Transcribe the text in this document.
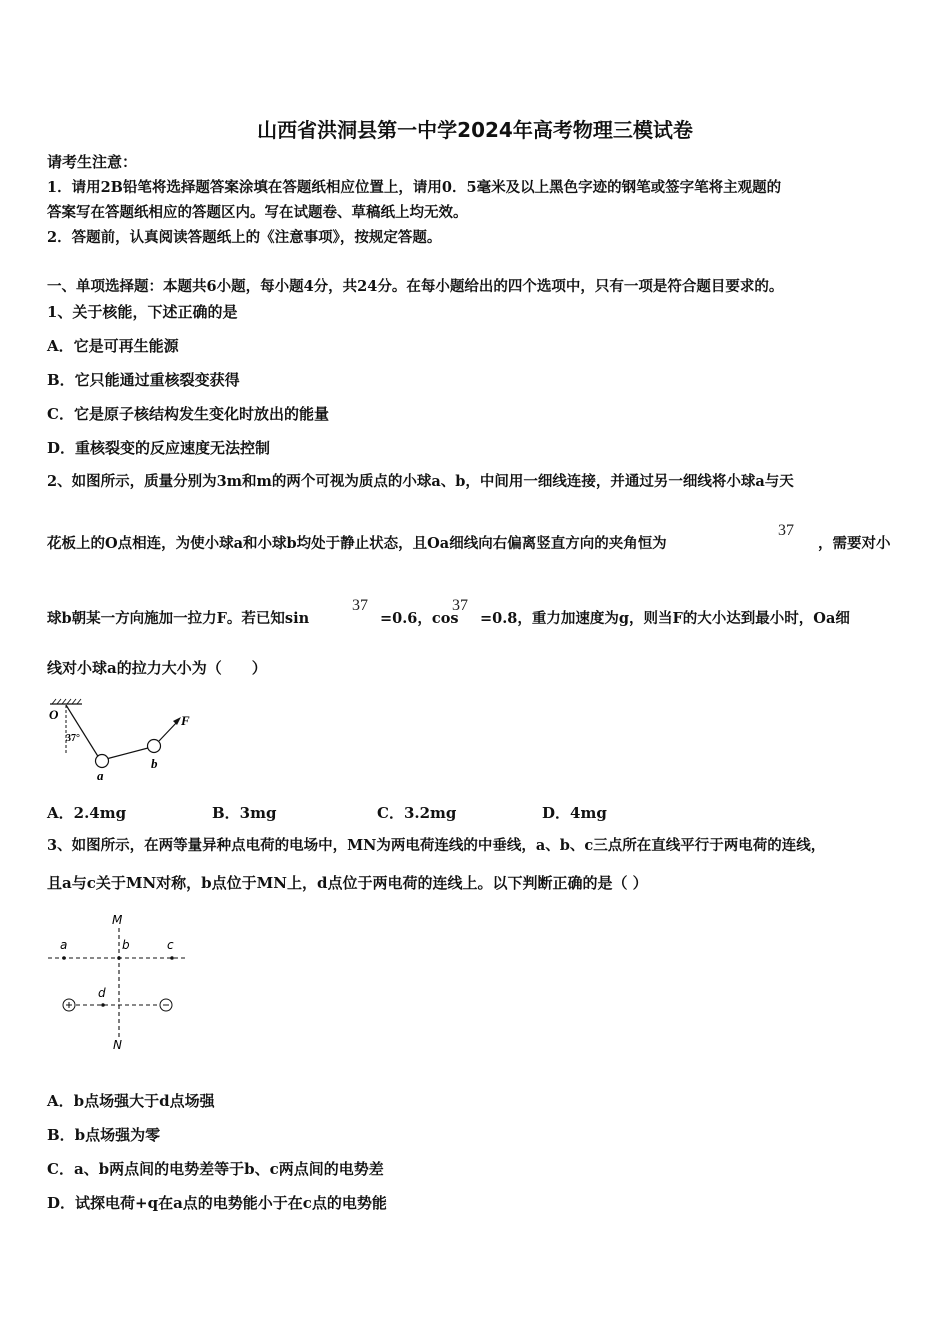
山西省洪洞县第一中学2024年高考物理三模试卷
请考生注意：
1．请用2B铅笔将选择题答案涂填在答题纸相应位置上，请用0．5毫米及以上黑色字迹的钢笔或签字笔将主观题的
答案写在答题纸相应的答题区内。写在试题卷、草稿纸上均无效。
2．答题前，认真阅读答题纸上的《注意事项》，按规定答题。
一、单项选择题：本题共6小题，每小题4分，共24分。在每小题给出的四个选项中，只有一项是符合题目要求的。
1、关于核能，下述正确的是
A．它是可再生能源
B．它只能通过重核裂变获得
C．它是原子核结构发生变化时放出的能量
D．重核裂变的反应速度无法控制
2、如图所示，质量分别为3m和m的两个可视为质点的小球a、b，中间用一细线连接，并通过另一细线将小球a与天
花板上的O点相连，为使小球a和小球b均处于静止状态，且Oa细线向右偏离竖直方向的夹角恒为
37
，需要对小
球b朝某一方向施加一拉力F。若已知sin
37
=0.6，cos
37
=0.8，重力加速度为g，则当F的大小达到最小时，Oa细
线对小球a的拉力大小为（　　）
O
37°
a
b
F
A．2.4mg	B．3mg	C．3.2mg	D．4mg
3、如图所示，在两等量异种点电荷的电场中，MN为两电荷连线的中垂线，a、b、c三点所在直线平行于两电荷的连线，
且a与c关于MN对称，b点位于MN上，d点位于两电荷的连线上。以下判断正确的是（ ）
M
N
a	b	c
d
A．b点场强大于d点场强
B．b点场强为零
C．a、b两点间的电势差等于b、c两点间的电势差
D．试探电荷+q在a点的电势能小于在c点的电势能
